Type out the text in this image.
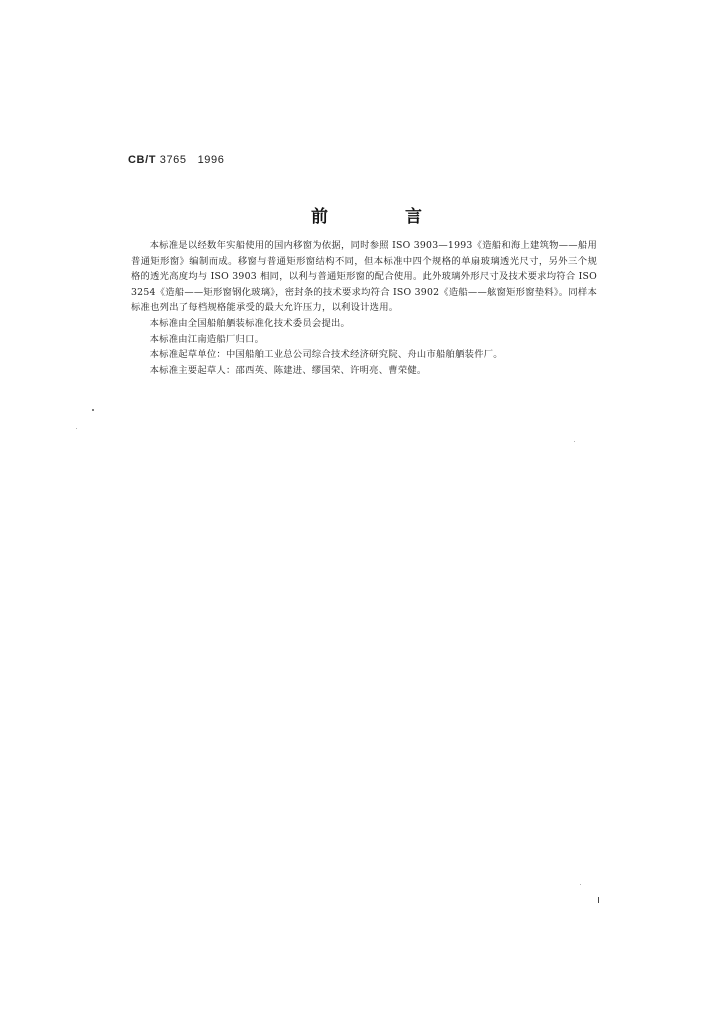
CB/T 3765 1996
前　言

本标准是以经数年实船使用的国内移窗为依据，同时参照 ISO 3903—1993《造船和海上建筑物——船用普通矩形窗》编制而成。移窗与普通矩形窗结构不同，但本标准中四个规格的单扇玻璃透光尺寸，另外三个规格的透光高度均与 ISO 3903 相同，以利与普通矩形窗的配合使用。此外玻璃外形尺寸及技术要求均符合 ISO 3254《造船——矩形窗钢化玻璃》，密封条的技术要求均符合 ISO 3902《造船——舷窗矩形窗垫料》。同样本标准也列出了每档规格能承受的最大允许压力，以利设计选用。

本标准由全国船舶舾装标准化技术委员会提出。

本标准由江南造船厂归口。

本标准起草单位：中国船舶工业总公司综合技术经济研究院、舟山市船舶舾装件厂。

本标准主要起草人：邵西英、陈建进、缪国荣、许明亮、曹荣健。
